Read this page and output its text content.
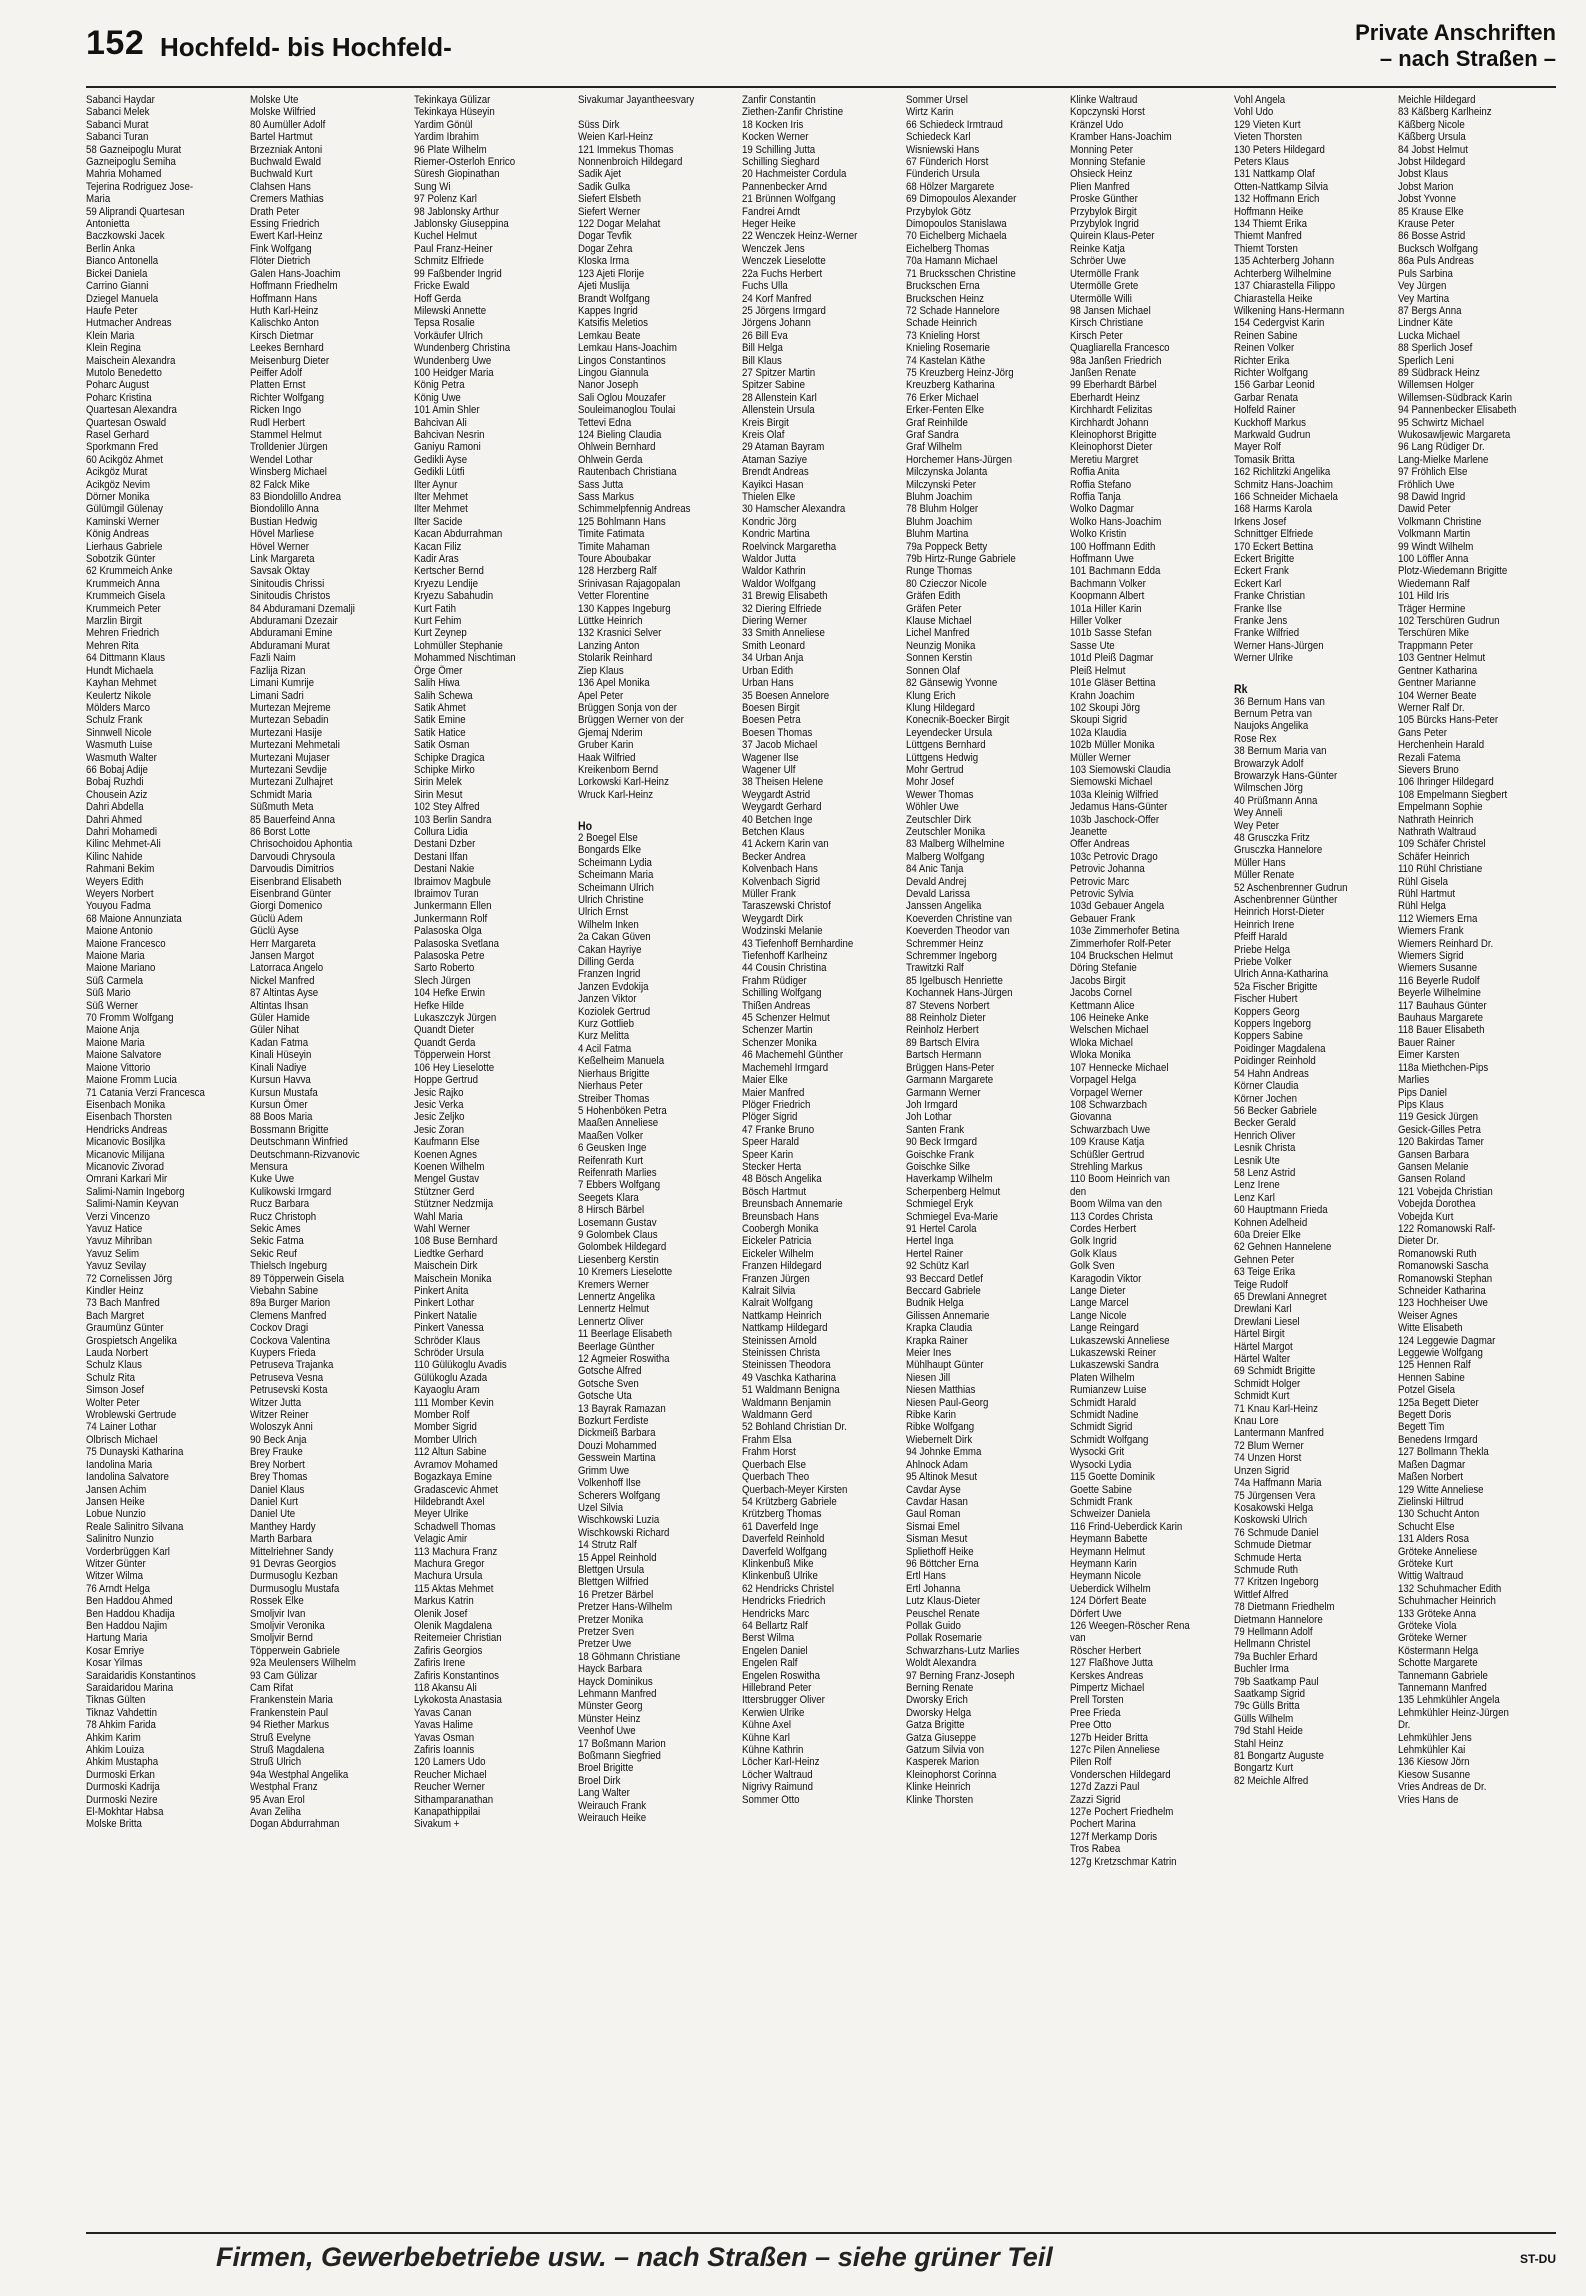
152 Hochfeld- bis Hochfeld-	Private Anschriften
– nach Straßen –
Sabanci Haydar
Sabanci Melek
Sabanci Murat
Sabanci Turan
58 Gazneipoglu Murat
Gazneipoglu Semiha
Mahria Mohamed
Tejerina Rodriguez Jose-
Maria
59 Aliprandi Quartesan
Antonietta
Baczkowski Jacek
Berlin Anka
Bianco Antonella
Bickei Daniela
Carrino Gianni
Dziegel Manuela
Haufe Peter
Hutmacher Andreas
Klein Maria
Klein Regina
Maischein Alexandra
Mutolo Benedetto
Poharc August
Poharc Kristina
Quartesan Alexandra
Quartesan Oswald
Rasel Gerhard
Sporkmann Fred
60 Acikgöz Ahmet
Acikgöz Murat
Acikgöz Nevim
Dörner Monika
Gülümgil Gülenay
Kaminski Werner
König Andreas
Lierhaus Gabriele
Sobotzik Günter
62 Krummeich Anke
Krummeich Anna
Krummeich Gisela
Krummeich Peter
Marzlin Birgit
Mehren Friedrich
Mehren Rita
64 Dittmann Klaus
Hundt Michaela
Kayhan Mehmet
Keulertz Nikole
Mölders Marco
Schulz Frank
Sinnwell Nicole
Wasmuth Luise
Wasmuth Walter
66 Bobaj Adije
Bobaj Ruzhdi
Chousein Aziz
Dahri Abdella
Dahri Ahmed
Dahri Mohamedi
Kilinc Mehmet-Ali
Kilinc Nahide
Rahmani Bekim
Weyers Edith
Weyers Norbert
Youyou Fadma
68 Maione Annunziata
Maione Antonio
Maione Francesco
Maione Maria
Maione Mariano
Süß Carmela
Süß Mario
Süß Werner
70 Fromm Wolfgang
Maione Anja
Maione Maria
Maione Salvatore
Maione Vittorio
Maione Fromm Lucia
71 Catania Verzi Francesca
Eisenbach Monika
Eisenbach Thorsten
Hendricks Andreas
Micanovic Bosiljka
Micanovic Milijana
Micanovic Zivorad
Omrani Karkari Mir
Salimi-Namin Ingeborg
Salimi-Namin Keyvan
Verzi Vincenzo
Yavuz Hatice
Yavuz Mihriban
Yavuz Selim
Yavuz Sevilay
72 Cornelissen Jörg
Kindler Heinz
73 Bach Manfred
Bach Margret
Graumünz Günter
Grospietsch Angelika
Lauda Norbert
Schulz Klaus
Schulz Rita
Simson Josef
Wolter Peter
Wroblewski Gertrude
74 Lainer Lothar
Olbrisch Michael
75 Dunayski Katharina
Iandolina Maria
Iandolina Salvatore
Jansen Achim
Jansen Heike
Lobue Nunzio
Reale Salinitro Silvana
Salinitro Nunzio
Vorderbrüggen Karl
Witzer Günter
Witzer Wilma
76 Arndt Helga
Ben Haddou Ahmed
Ben Haddou Khadija
Ben Haddou Najim
Hartung Maria
Kosar Emriye
Kosar Yilmas
Saraidaridis Konstantinos
Saraidaridou Marina
Tiknas Gülten
Tiknaz Vahdettin
78 Ahkim Farida
Ahkim Karim
Ahkim Louiza
Ahkim Mustapha
Durmoski Erkan
Durmoski Kadrija
Durmoski Nezire
El-Mokhtar Habsa
Molske Britta
Molske Ute
Molske Wilfried
80 Aumüller Adolf
Bartel Hartmut
Brzezniak Antoni
Buchwald Ewald
Buchwald Kurt
Clahsen Hans
Cremers Mathias
Drath Peter
Essing Friedrich
Ewert Karl-Heinz
Fink Wolfgang
Flöter Dietrich
Galen Hans-Joachim
Hoffmann Friedhelm
Hoffmann Hans
Huth Karl-Heinz
Kalischko Anton
Kirsch Dietmar
Leekes Bernhard
Meisenburg Dieter
Peiffer Adolf
Platten Ernst
Richter Wolfgang
Ricken Ingo
Rudl Herbert
Stammel Helmut
Trolldenier Jürgen
Wendel Lothar
Winsberg Michael
82 Falck Mike
83 Biondolillo Andrea
Biondolillo Anna
Bustian Hedwig
Hövel Marliese
Hövel Werner
Link Margareta
Savsak Oktay
Sinitoudis Chrissi
Sinitoudis Christos
84 Abduramani Dzemalji
Abduramani Dzezair
Abduramani Emine
Abduramani Murat
Fazli Naim
Fazlija Rizan
Limani Kumrije
Limani Sadri
Murtezan Mejreme
Murtezan Sebadin
Murtezani Hasije
Murtezani Mehmetali
Murtezani Mujaser
Murtezani Sevdije
Murtezani Zulhajret
Schmidt Maria
Süßmuth Meta
85 Bauerfeind Anna
86 Borst Lotte
Chrisochoidou Aphontia
Darvoudi Chrysoula
Darvoudis Dimitrios
Eisenbrand Elisabeth
Eisenbrand Günter
Giorgi Domenico
Güclü Adem
Güclü Ayse
Herr Margareta
Jansen Margot
Latorraca Angelo
Nickel Manfred
87 Altintas Ayse
Altintas Ihsan
Güler Hamide
Güler Nihat
Kadan Fatma
Kinali Hüseyin
Kinali Nadiye
Kursun Havva
Kursun Mustafa
Kursun Ömer
88 Boos Maria
Bossmann Brigitte
Deutschmann Winfried
Deutschmann-Rizvanovic
Mensura
Kuke Uwe
Kulikowski Irmgard
Rucz Barbara
Rucz Christoph
Sekic Ames
Sekic Fatma
Sekic Reuf
Thielsch Ingeburg
89 Töpperwein Gisela
Viebahn Sabine
89a Burger Marion
Clemens Manfred
Cockov Dragi
Cockova Valentina
Kuypers Frieda
Petruseva Trajanka
Petruseva Vesna
Petrusevski Kosta
Witzer Jutta
Witzer Reiner
Woloszyk Anni
90 Beck Anja
Brey Frauke
Brey Norbert
Brey Thomas
Daniel Klaus
Daniel Kurt
Daniel Ute
Manthey Hardy
Marth Barbara
Mittelriehner Sandy
91 Devras Georgios
Durmusoglu Kezban
Durmusoglu Mustafa
Rossek Elke
Smoljvir Ivan
Smoljvir Veronika
Smoljvir Bernd
Töpperwein Gabriele
92a Meulensers Wilhelm
93 Cam Gülizar
Cam Rifat
Frankenstein Maria
Frankenstein Paul
94 Riether Markus
Struß Evelyne
Struß Magdalena
Struß Ulrich
94a Westphal Angelika
Westphal Franz
95 Avan Erol
Avan Zeliha
Dogan Abdurrahman
Tekinkaya Gülizar
Tekinkaya Hüseyin
Yardim Gönül
Yardim Ibrahim
96 Plate Wilhelm
Riemer-Osterloh Enrico
Süresh Giopinathan
Sung Wi
97 Polenz Karl
98 Jablonsky Arthur
Jablonsky Giuseppina
Kuchel Helmut
Paul Franz-Heiner
Schmitz Elfriede
99 Faßbender Ingrid
Fricke Ewald
Hoff Gerda
Milewski Annette
Tepsa Rosalie
Vorkäufer Ulrich
Wundenberg Christina
Wundenberg Uwe
100 Heidger Maria
König Petra
König Uwe
101 Amin Shler
Bahcivan Ali
Bahcivan Nesrin
Ganiyu Ramoni
Gedikli Ayse
Gedikli Lütfi
Ilter Aynur
Ilter Mehmet
Ilter Mehmet
Ilter Sacide
Kacan Abdurrahman
Kacan Filiz
Kadir Aras
Kertscher Bernd
Kryezu Lendije
Kryezu Sabahudin
Kurt Fatih
Kurt Fehim
Kurt Zeynep
Lohmüller Stephanie
Mohammed Nischtiman
Örge Ömer
Salih Hiwa
Salih Schewa
Satik Ahmet
Satik Emine
Satik Hatice
Satik Osman
Schipke Dragica
Schipke Mirko
Sirin Melek
Sirin Mesut
102 Stey Alfred
103 Berlin Sandra
Collura Lidia
Destani Dzber
Destani Ilfan
Destani Nakie
Ibraimov Magbule
Ibraimov Turan
Junkermann Ellen
Junkermann Rolf
Palasoska Olga
Palasoska Svetlana
Palasoska Petre
Sarto Roberto
Slech Jürgen
104 Hefke Erwin
Hefke Hilde
Lukaszczyk Jürgen
Quandt Dieter
Quandt Gerda
Töpperwein Horst
106 Hey Lieselotte
Hoppe Gertrud
Jesic Rajko
Jesic Verka
Jesic Zeljko
Jesic Zoran
Kaufmann Else
Koenen Agnes
Koenen Wilhelm
Mengel Gustav
Stützner Gerd
Stützner Nedzmija
Wahl Maria
Wahl Werner
108 Buse Bernhard
Liedtke Gerhard
Maischein Dirk
Maischein Monika
Pinkert Anita
Pinkert Lothar
Pinkert Natalie
Pinkert Vanessa
Schröder Klaus
Schröder Ursula
110 Gülükoglu Avadis
Gülükoglu Azada
Kayaoglu Aram
111 Momber Kevin
Momber Rolf
Momber Sigrid
Momber Ulrich
112 Altun Sabine
Avramov Mohamed
Bogazkaya Emine
Gradascevic Ahmet
Hildebrandt Axel
Meyer Ulrike
Schadwell Thomas
Velagic Amir
113 Machura Franz
Machura Gregor
Machura Ursula
115 Aktas Mehmet
Markus Katrin
Olenik Josef
Olenik Magdalena
Reitemeier Christian
Zafiris Georgios
Zafiris Irene
Zafiris Konstantinos
118 Akansu Ali
Lykokosta Anastasia
Yavas Canan
Yavas Halime
Yavas Osman
Zafiris Ioannis
120 Lamers Udo
Reucher Michael
Reucher Werner
Sithamparanathan
Kanapathippilai
Sivakum +
Sivakumar Jayantheesvary

Süss Dirk
Weien Karl-Heinz
121 Immekus Thomas
Nonnenbroich Hildegard
Sadik Ajet
Sadik Gulka
Siefert Elsbeth
Siefert Werner
122 Dogar Melahat
Dogar Tevfik
Dogar Zehra
Kloska Irma
123 Ajeti Florije
Ajeti Muslija
Brandt Wolfgang
Kappes Ingrid
Katsifis Meletios
Lemkau Beate
Lemkau Hans-Joachim
Lingos Constantinos
Lingou Giannula
Nanor Joseph
Sali Oglou Mouzafer
Souleimanoglou Toulai
Tettevi Edna
124 Bieling Claudia
Ohlwein Bernhard
Ohlwein Gerda
Rautenbach Christiana
Sass Jutta
Sass Markus
Schimmelpfennig Andreas
125 Bohlmann Hans
Timite Fatimata
Timite Mahaman
Toure Aboubakar
128 Herzberg Ralf
Srinivasan Rajagopalan
Vetter Florentine
130 Kappes Ingeburg
Lüttke Heinrich
132 Krasnici Selver
Lanzing Anton
Stolarik Reinhard
Ziep Klaus
136 Apel Monika
Apel Peter
Brüggen Sonja von der
Brüggen Werner von der
Gjemaj Nderim
Gruber Karin
Haak Wilfried
Kreikenbom Bernd
Lorkowski Karl-Heinz
Wruck Karl-Heinz

Ho
2 Boegel Else
Bongards Elke
Scheimann Lydia
Scheimann Maria
Scheimann Ulrich
Ulrich Christine
Ulrich Ernst
Wilhelm Inken
2a Cakan Güven
Cakan Hayriye
Dilling Gerda
Franzen Ingrid
Janzen Evdokija
Janzen Viktor
Koziolek Gertrud
Kurz Gottlieb
Kurz Melitta
4 Acil Fatma
Keßelheim Manuela
Nierhaus Brigitte
Nierhaus Peter
Streiber Thomas
5 Hohenböken Petra
Maaßen Anneliese
Maaßen Volker
6 Geusken Inge
Reifenrath Kurt
Reifenrath Marlies
7 Ebbers Wolfgang
Seegets Klara
8 Hirsch Bärbel
Losemann Gustav
9 Golombek Claus
Golombek Hildegard
Liesenberg Kerstin
10 Kremers Lieselotte
Kremers Werner
Lennertz Angelika
Lennertz Helmut
Lennertz Oliver
11 Beerlage Elisabeth
Beerlage Günther
12 Agmeier Roswitha
Gotsche Alfred
Gotsche Sven
Gotsche Uta
13 Bayrak Ramazan
Bozkurt Ferdiste
Dickmeiß Barbara
Douzi Mohammed
Gesswein Martina
Grimm Uwe
Volkenhoff Ilse
Scherers Wolfgang
Uzel Silvia
Wischkowski Luzia
Wischkowski Richard
14 Strutz Ralf
15 Appel Reinhold
Blettgen Ursula
Blettgen Wilfried
16 Pretzer Bärbel
Pretzer Hans-Wilhelm
Pretzer Monika
Pretzer Sven
Pretzer Uwe
18 Göhmann Christiane
Hayck Barbara
Hayck Dominikus
Lehmann Manfred
Münster Georg
Münster Heinz
Veenhof Uwe
17 Boßmann Marion
Boßmann Siegfried
Broel Brigitte
Broel Dirk
Lang Walter
Weirauch Frank
Weirauch Heike
Zanfir Constantin
Ziethen-Zanfir Christine
18 Kocken Iris
Kocken Werner
19 Schilling Jutta
Schilling Sieghard
20 Hachmeister Cordula
Pannenbecker Arnd
21 Brünnen Wolfgang
Fandrei Arndt
Heger Heike
22 Wenczek Heinz-Werner
Wenczek Jens
Wenczek Lieselotte
22a Fuchs Herbert
Fuchs Ulla
24 Korf Manfred
25 Jörgens Irmgard
Jörgens Johann
26 Bill Eva
Bill Helga
Bill Klaus
27 Spitzer Martin
Spitzer Sabine
28 Allenstein Karl
Allenstein Ursula
Kreis Birgit
Kreis Olaf
29 Ataman Bayram
Ataman Saziye
Brendt Andreas
Kayikci Hasan
Thielen Elke
30 Hamscher Alexandra
Kondric Jörg
Kondric Martina
Roelvinck Margaretha
Waldor Jutta
Waldor Kathrin
Waldor Wolfgang
31 Brewig Elisabeth
32 Diering Elfriede
Diering Werner
33 Smith Anneliese
Smith Leonard
34 Urban Anja
Urban Edith
Urban Hans
35 Boesen Annelore
Boesen Birgit
Boesen Petra
Boesen Thomas
37 Jacob Michael
Wagener Ilse
Wagener Ulf
38 Theisen Helene
Weygardt Astrid
Weygardt Gerhard
40 Betchen Inge
Betchen Klaus
41 Ackern Karin van
Becker Andrea
Kolvenbach Hans
Kolvenbach Sigrid
Müller Frank
Taraszewski Christof
Weygardt Dirk
Wodzinski Melanie
43 Tiefenhoff Bernhardine
Tiefenhoff Karlheinz
44 Cousin Christina
Frahm Rüdiger
Schilling Wolfgang
Thißen Andreas
45 Schenzer Helmut
Schenzer Martin
Schenzer Monika
46 Machemehl Günther
Machemehl Irmgard
Maier Elke
Maier Manfred
Plöger Friedrich
Plöger Sigrid
47 Franke Bruno
Speer Harald
Speer Karin
Stecker Herta
48 Bösch Angelika
Bösch Hartmut
Breunsbach Annemarie
Breunsbach Hans
Coobergh Monika
Eickeler Patricia
Eickeler Wilhelm
Franzen Hildegard
Franzen Jürgen
Kalrait Silvia
Kalrait Wolfgang
Nattkamp Heinrich
Nattkamp Hildegard
Steinissen Arnold
Steinissen Christa
Steinissen Theodora
49 Vaschka Katharina
51 Waldmann Benigna
Waldmann Benjamin
Waldmann Gerd
52 Bohland Christian Dr.
Frahm Elsa
Frahm Horst
Querbach Else
Querbach Theo
Querbach-Meyer Kirsten
54 Krützberg Gabriele
Krützberg Thomas
61 Daverfeld Inge
Daverfeld Reinhold
Daverfeld Wolfgang
Klinkenbuß Mike
Klinkenbuß Ulrike
62 Hendricks Christel
Hendricks Friedrich
Hendricks Marc
64 Bellartz Ralf
Berst Wilma
Engelen Daniel
Engelen Ralf
Engelen Roswitha
Hillebrand Peter
Ittersbrugger Oliver
Kerwien Ulrike
Kühne Axel
Kühne Karl
Kühne Kathrin
Löcher Karl-Heinz
Löcher Waltraud
Nigrivy Raimund
Sommer Otto
Sommer Ursel
Wirtz Karin
66 Schiedeck Irmtraud
Schiedeck Karl
Wisniewski Hans
67 Fünderich Horst
Fünderich Ursula
68 Hölzer Margarete
69 Dimopoulos Alexander
Przybylok Götz
Dimopoulos Stanislawa
70 Eichelberg Michaela
Eichelberg Thomas
70a Hamann Michael
71 Brucksschen Christine
Bruckschen Erna
Bruckschen Heinz
72 Schade Hannelore
Schade Heinrich
73 Knieling Horst
Knieling Rosemarie
74 Kastelan Käthe
75 Kreuzberg Heinz-Jörg
Kreuzberg Katharina
76 Erker Michael
Erker-Fenten Elke
Graf Reinhilde
Graf Sandra
Graf Wilhelm
Horchemer Hans-Jürgen
Milczynska Jolanta
Milczynski Peter
Bluhm Joachim
78 Bluhm Holger
Bluhm Joachim
Bluhm Martina
79a Poppeck Betty
79b Hirtz-Runge Gabriele
Runge Thomas
80 Czieczor Nicole
Gräfen Edith
Gräfen Peter
Klause Michael
Lichel Manfred
Neunzig Monika
Sonnen Kerstin
Sonnen Olaf
82 Gänsewig Yvonne
Klung Erich
Klung Hildegard
Konecnik-Boecker Birgit
Leyendecker Ursula
Lüttgens Bernhard
Lüttgens Hedwig
Mohr Gertrud
Mohr Josef
Wewer Thomas
Wöhler Uwe
Zeutschler Dirk
Zeutschler Monika
83 Malberg Wilhelmine
Malberg Wolfgang
84 Anic Tanja
Devald Andrej
Devald Larissa
Janssen Angelika
Koeverden Christine van
Koeverden Theodor van
Schremmer Heinz
Schremmer Ingeborg
Trawitzki Ralf
85 Igelbusch Henriette
Kochannek Hans-Jürgen
87 Stevens Norbert
88 Reinholz Dieter
Reinholz Herbert
89 Bartsch Elvira
Bartsch Hermann
Brüggen Hans-Peter
Garmann Margarete
Garmann Werner
Joh Irmgard
Joh Lothar
Santen Frank
90 Beck Irmgard
Goischke Frank
Goischke Silke
Haverkamp Wilhelm
Scherpenberg Helmut
Schmiegel Eryk
Schmiegel Eva-Marie
91 Hertel Carola
Hertel Inga
Hertel Rainer
92 Schütz Karl
93 Beccard Detlef
Beccard Gabriele
Budnik Helga
Gilissen Annemarie
Krapka Claudia
Krapka Rainer
Meier Ines
Mühlhaupt Günter
Niesen Jill
Niesen Matthias
Niesen Paul-Georg
Ribke Karin
Ribke Wolfgang
Wiebernelt Dirk
94 Johnke Emma
Ahlnock Adam
95 Altinok Mesut
Cavdar Ayse
Cavdar Hasan
Gaul Roman
Sismai Emel
Sisman Mesut
Spliethoff Heike
96 Böttcher Erna
Ertl Hans
Ertl Johanna
Lutz Klaus-Dieter
Peuschel Renate
Pollak Guido
Pollak Rosemarie
Schwarzhans-Lutz Marlies
Woldt Alexandra
97 Berning Franz-Joseph
Berning Renate
Dworsky Erich
Dworsky Helga
Gatza Brigitte
Gatza Giuseppe
Gatzum Silvia von
Kasperek Marion
Kleinophorst Corinna
Klinke Heinrich
Klinke Thorsten
Klinke Waltraud
Kopczynski Horst
Kränzel Udo
Kramber Hans-Joachim
Monning Peter
Monning Stefanie
Ohsieck Heinz
Plien Manfred
Proske Günther
Przybylok Birgit
Przybylok Ingrid
Quirein Klaus-Peter
Reinke Katja
Schröer Uwe
Utermölle Frank
Utermölle Grete
Utermölle Willi
98 Jansen Michael
Kirsch Christiane
Kirsch Peter
Quagliarella Francesco
98a Janßen Friedrich
Janßen Renate
99 Eberhardt Bärbel
Eberhardt Heinz
Kirchhardt Felizitas
Kirchhardt Johann
Kleinophorst Brigitte
Kleinophorst Dieter
Meretiu Margret
Roffia Anita
Roffia Stefano
Roffia Tanja
Wolko Dagmar
Wolko Hans-Joachim
Wolko Kristin
100 Hoffmann Edith
Hoffmann Uwe
101 Bachmann Edda
Bachmann Volker
Koopmann Albert
101a Hiller Karin
Hiller Volker
101b Sasse Stefan
Sasse Ute
101d Pleiß Dagmar
Pleiß Helmut
101e Gläser Bettina
Krahn Joachim
102 Skoupi Jörg
Skoupi Sigrid
102a Klaudia
102b Müller Monika
Müller Werner
103 Siemowski Claudia
Siemowski Michael
103a Kleinig Wilfried
Jedamus Hans-Günter
103b Jaschock-Offer
Jeanette
Offer Andreas
103c Petrovic Drago
Petrovic Johanna
Petrovic Marc
Petrovic Sylvia
103d Gebauer Angela
Gebauer Frank
103e Zimmerhofer Betina
Zimmerhofer Rolf-Peter
104 Bruckschen Helmut
Döring Stefanie
Jacobs Birgit
Jacobs Cornel
Kettmann Alice
106 Heineke Anke
Welschen Michael
Wloka Michael
Wloka Monika
107 Hennecke Michael
Vorpagel Helga
Vorpagel Werner
108 Schwarzbach
Giovanna
Schwarzbach Uwe
109 Krause Katja
Schüßler Gertrud
Strehling Markus
110 Boom Heinrich van
den
Boom Wilma van den
113 Cordes Christa
Cordes Herbert
Golk Ingrid
Golk Klaus
Golk Sven
Karagodin Viktor
Lange Dieter
Lange Marcel
Lange Nicole
Lange Reingard
Lukaszewski Anneliese
Lukaszewski Reiner
Lukaszewski Sandra
Platen Wilhelm
Rumianzew Luise
Schmidt Harald
Schmidt Nadine
Schmidt Sigrid
Schmidt Wolfgang
Wysocki Grit
Wysocki Lydia
115 Goette Dominik
Goette Sabine
Schmidt Frank
Schweizer Daniela
116 Frind-Ueberdick Karin
Heymann Babette
Heymann Helmut
Heymann Karin
Heymann Nicole
Ueberdick Wilhelm
124 Dörfert Beate
Dörfert Uwe
126 Weegen-Röscher Rena
van
Röscher Herbert
127 Flaßhove Jutta
Kerskes Andreas
Pimpertz Michael
Prell Torsten
Pree Frieda
Pree Otto
127b Heider Britta
127c Pilen Anneliese
Pilen Rolf
Vonderschen Hildegard
127d Zazzi Paul
Zazzi Sigrid
127e Pochert Friedhelm
Pochert Marina
127f Merkamp Doris
Tros Rabea
127g Kretzschmar Katrin
Vohl Angela
Vohl Udo
129 Vieten Kurt
Vieten Thorsten
130 Peters Hildegard
Peters Klaus
131 Nattkamp Olaf
Otten-Nattkamp Silvia
132 Hoffmann Erich
Hoffmann Heike
134 Thiemt Erika
Thiemt Manfred
Thiemt Torsten
135 Achterberg Johann
Achterberg Wilhelmine
137 Chiarastella Filippo
Chiarastella Heike
Wilkening Hans-Hermann
154 Cedergvist Karin
Reinen Sabine
Reinen Volker
Richter Erika
Richter Wolfgang
156 Garbar Leonid
Garbar Renata
Holfeld Rainer
Kuckhoff Markus
Markwald Gudrun
Mayer Rolf
Tomasik Britta
162 Richlitzki Angelika
Schmitz Hans-Joachim
166 Schneider Michaela
168 Harms Karola
Irkens Josef
Schnittger Elfriede
170 Eckert Bettina
Eckert Brigitte
Eckert Frank
Eckert Karl
Franke Christian
Franke Ilse
Franke Jens
Franke Wilfried
Werner Hans-Jürgen
Werner Ulrike

Rk
36 Bernum Hans van
Bernum Petra van
Naujoks Angelika
Rose Rex
38 Bernum Maria van
Browarzyk Adolf
Browarzyk Hans-Günter
Wilmschen Jörg
40 Prüßmann Anna
Wey Anneli
Wey Peter
48 Grusczka Fritz
Grusczka Hannelore
Müller Hans
Müller Renate
52 Aschenbrenner Gudrun
Aschenbrenner Günther
Heinrich Horst-Dieter
Heinrich Irene
Pfeiff Harald
Priebe Helga
Priebe Volker
Ulrich Anna-Katharina
52a Fischer Brigitte
Fischer Hubert
Koppers Georg
Koppers Ingeborg
Koppers Sabine
Poidinger Magdalena
Poidinger Reinhold
54 Hahn Andreas
Körner Claudia
Körner Jochen
56 Becker Gabriele
Becker Gerald
Henrich Oliver
Lesnik Christa
Lesnik Ute
58 Lenz Astrid
Lenz Irene
Lenz Karl
60 Hauptmann Frieda
Kohnen Adelheid
60a Dreier Elke
62 Gehnen Hannelene
Gehnen Peter
63 Teige Erika
Teige Rudolf
65 Drewlani Annegret
Drewlani Karl
Drewlani Liesel
Härtel Birgit
Härtel Margot
Härtel Walter
69 Schmidt Brigitte
Schmidt Holger
Schmidt Kurt
71 Knau Karl-Heinz
Knau Lore
Lantermann Manfred
72 Blum Werner
74 Unzen Horst
Unzen Sigrid
74a Haffmann Maria
75 Jürgensen Vera
Kosakowski Helga
Koskowski Ulrich
76 Schmude Daniel
Schmude Dietmar
Schmude Herta
Schmude Ruth
77 Kritzen Ingeborg
Wittlef Alfred
78 Dietmann Friedhelm
Dietmann Hannelore
79 Hellmann Adolf
Hellmann Christel
79a Buchler Erhard
Buchler Irma
79b Saatkamp Paul
Saatkamp Sigrid
79c Gülls Britta
Gülls Wilhelm
79d Stahl Heide
Stahl Heinz
81 Bongartz Auguste
Bongartz Kurt
82 Meichle Alfred
Meichle Hildegard
83 Käßberg Karlheinz
Käßberg Nicole
Käßberg Ursula
84 Jobst Helmut
Jobst Hildegard
Jobst Klaus
Jobst Marion
Jobst Yvonne
85 Krause Elke
Krause Peter
86 Bosse Astrid
Bucksch Wolfgang
86a Puls Andreas
Puls Sarbina
Vey Jürgen
Vey Martina
87 Bergs Anna
Lindner Käte
Lucka Michael
88 Sperlich Josef
Sperlich Leni
89 Südbrack Heinz
Willemsen Holger
Willemsen-Südbrack Karin
94 Pannenbecker Elisabeth
95 Schwirtz Michael
Wukosawljewic Margareta
96 Lang Rüdiger Dr.
Lang-Mielke Marlene
97 Fröhlich Else
Fröhlich Uwe
98 Dawid Ingrid
Dawid Peter
Volkmann Christine
Volkmann Martin
99 Windt Wilhelm
100 Löffler Anna
Plotz-Wiedemann Brigitte
Wiedemann Ralf
101 Hild Iris
Träger Hermine
102 Terschüren Gudrun
Terschüren Mike
Trappmann Peter
103 Gentner Helmut
Gentner Katharina
Gentner Marianne
104 Werner Beate
Werner Ralf Dr.
105 Bürcks Hans-Peter
Gans Peter
Herchenhein Harald
Rezali Fatema
Sievers Bruno
106 Ihringer Hildegard
108 Empelmann Siegbert
Empelmann Sophie
Nathrath Heinrich
Nathrath Waltraud
109 Schäfer Christel
Schäfer Heinrich
110 Rühl Christiane
Rühl Gisela
Rühl Hartmut
Rühl Helga
112 Wiemers Erna
Wiemers Frank
Wiemers Reinhard Dr.
Wiemers Sigrid
Wiemers Susanne
116 Beyerle Rudolf
Beyerle Wilhelmine
117 Bauhaus Günter
Bauhaus Margarete
118 Bauer Elisabeth
Bauer Rainer
Eimer Karsten
118a Miethchen-Pips
Marlies
Pips Daniel
Pips Klaus
119 Gesick Jürgen
Gesick-Gilles Petra
120 Bakirdas Tamer
Gansen Barbara
Gansen Melanie
Gansen Roland
121 Vobejda Christian
Vobejda Dorothea
Vobejda Kurt
122 Romanowski Ralf-
Dieter Dr.
Romanowski Ruth
Romanowski Sascha
Romanowski Stephan
Schneider Katharina
123 Hochheiser Uwe
Weiser Agnes
Witte Elisabeth
124 Leggewie Dagmar
Leggewie Wolfgang
125 Hennen Ralf
Hennen Sabine
Potzel Gisela
125a Begett Dieter
Begett Doris
Begett Tim
Benedens Irmgard
127 Bollmann Thekla
Maßen Dagmar
Maßen Norbert
129 Witte Anneliese
Zielinski Hiltrud
130 Schucht Anton
Schucht Else
131 Alders Rosa
Gröteke Anneliese
Gröteke Kurt
Wittig Waltraud
132 Schuhmacher Edith
Schuhmacher Heinrich
133 Gröteke Anna
Gröteke Viola
Gröteke Werner
Köstermann Helga
Schotte Margarete
Tannemann Gabriele
Tannemann Manfred
135 Lehmkühler Angela
Lehmkühler Heinz-Jürgen
Dr.
Lehmkühler Jens
Lehmkühler Kai
136 Kiesow Jörn
Kiesow Susanne
Vries Andreas de Dr.
Vries Hans de
Firmen, Gewerbebetriebe usw. – nach Straßen – siehe grüner Teil	ST-DU
